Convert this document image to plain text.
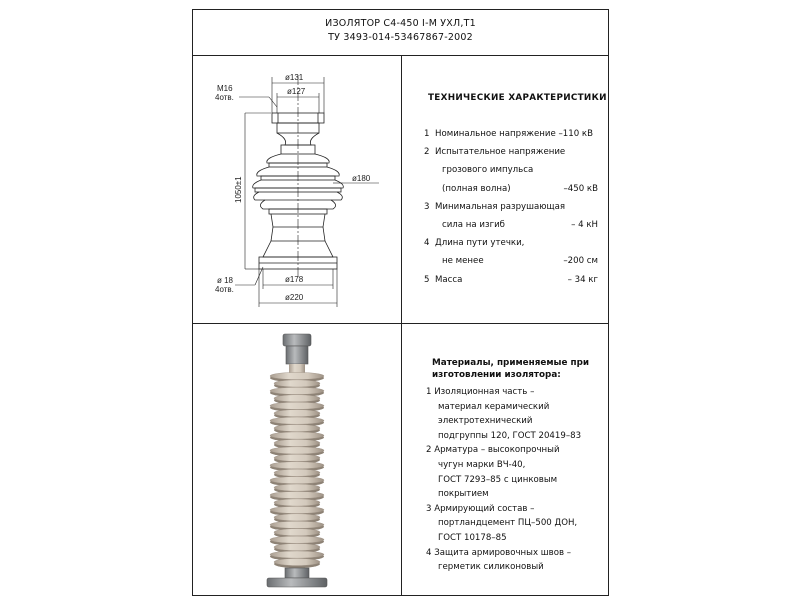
ИЗОЛЯТОР С4-450 I-М УХЛ,Т1
ТУ 3493-014-53467867-2002
ø131
ø127
M16
4отв.
ø180
1050±1
ø 18
4отв.
ø178
ø220
ТЕХНИЧЕСКИЕ ХАРАКТЕРИСТИКИ
1 Номинальное напряжение –110 кВ
2 Испытательное напряжение
грозового импульса
(полная волна)	–450 кВ
3 Минимальная разрушающая
сила на изгиб	– 4 кН
4 Длина пути утечки,
не менее	–200 см
5 Масса	– 34 кг
Материалы, применяемые при
изготовлении изолятора:
1 Изоляционная часть –
материал керамический
электротехнический
подгруппы 120, ГОСТ 20419–83
2 Арматура – высокопрочный
чугун марки ВЧ-40,
ГОСТ 7293–85 с цинковым
покрытием
3 Армирующий состав –
портландцемент ПЦ–500 ДОН,
ГОСТ 10178–85
4 Защита армировочных швов –
герметик силиконовый
